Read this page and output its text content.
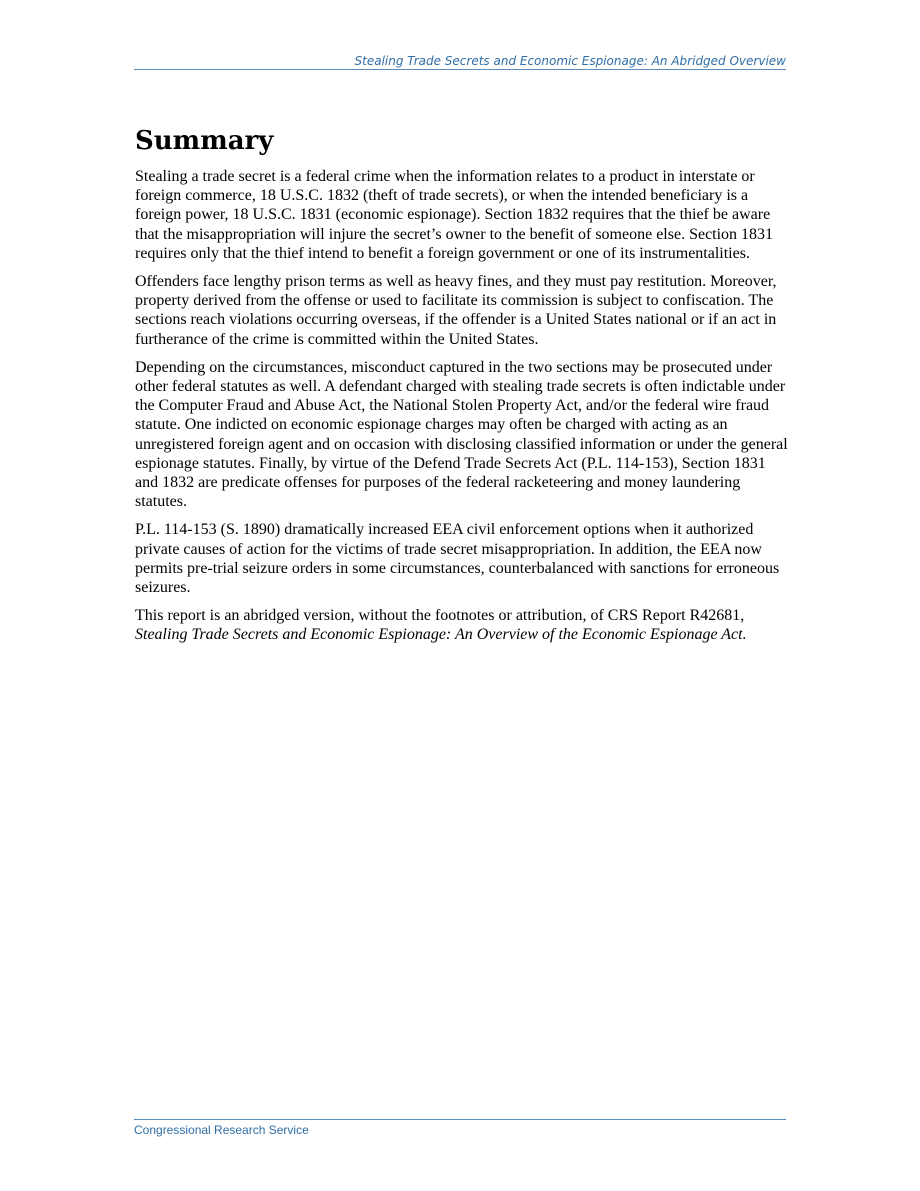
Stealing Trade Secrets and Economic Espionage: An Abridged Overview
Summary

Stealing a trade secret is a federal crime when the information relates to a product in interstate or foreign commerce, 18 U.S.C. 1832 (theft of trade secrets), or when the intended beneficiary is a foreign power, 18 U.S.C. 1831 (economic espionage). Section 1832 requires that the thief be aware that the misappropriation will injure the secret’s owner to the benefit of someone else. Section 1831 requires only that the thief intend to benefit a foreign government or one of its instrumentalities.

Offenders face lengthy prison terms as well as heavy fines, and they must pay restitution. Moreover, property derived from the offense or used to facilitate its commission is subject to confiscation. The sections reach violations occurring overseas, if the offender is a United States national or if an act in furtherance of the crime is committed within the United States.

Depending on the circumstances, misconduct captured in the two sections may be prosecuted under other federal statutes as well. A defendant charged with stealing trade secrets is often indictable under the Computer Fraud and Abuse Act, the National Stolen Property Act, and/or the federal wire fraud statute. One indicted on economic espionage charges may often be charged with acting as an unregistered foreign agent and on occasion with disclosing classified information or under the general espionage statutes. Finally, by virtue of the Defend Trade Secrets Act (P.L. 114-153), Section 1831 and 1832 are predicate offenses for purposes of the federal racketeering and money laundering statutes.

P.L. 114-153 (S. 1890) dramatically increased EEA civil enforcement options when it authorized private causes of action for the victims of trade secret misappropriation. In addition, the EEA now permits pre-trial seizure orders in some circumstances, counterbalanced with sanctions for erroneous seizures.

This report is an abridged version, without the footnotes or attribution, of CRS Report R42681,
Stealing Trade Secrets and Economic Espionage: An Overview of the Economic Espionage Act.

Congressional Research Service
